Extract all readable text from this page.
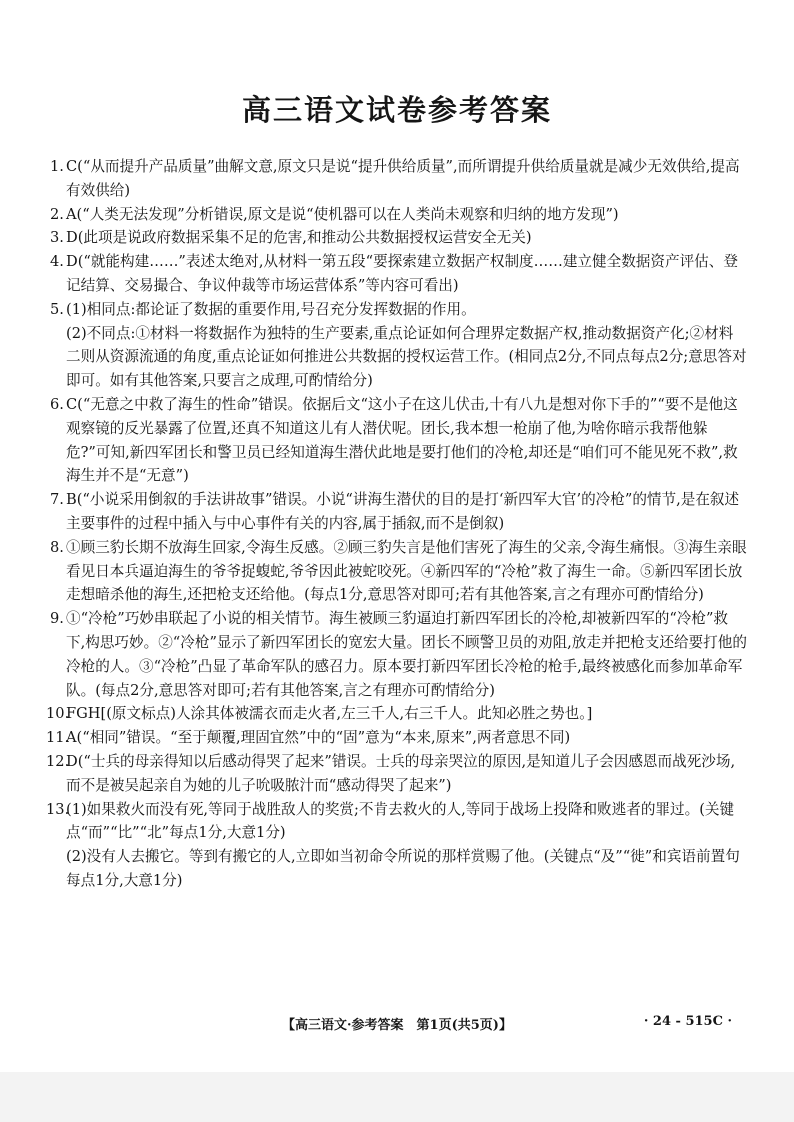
高三语文试卷参考答案
1. C(“从而提升产品质量”曲解文意,原文只是说“提升供给质量”,而所谓提升供给质量就是减少无效供给,提高有效供给)
2. A(“人类无法发现”分析错误,原文是说“使机器可以在人类尚未观察和归纳的地方发现”)
3. D(此项是说政府数据采集不足的危害,和推动公共数据授权运营安全无关)
4. D(“就能构建……”表述太绝对,从材料一第五段“要探索建立数据产权制度……建立健全数据资产评估、登记结算、交易撮合、争议仲裁等市场运营体系”等内容可看出)
5. (1)相同点:都论证了数据的重要作用,号召充分发挥数据的作用。
(2)不同点:①材料一将数据作为独特的生产要素,重点论证如何合理界定数据产权,推动数据资产化;②材料二则从资源流通的角度,重点论证如何推进公共数据的授权运营工作。(相同点2分,不同点每点2分;意思答对即可。如有其他答案,只要言之成理,可酌情给分)
6. C(“无意之中救了海生的性命”错误。依据后文“这小子在这儿伏击,十有八九是想对你下手的”“要不是他这观察镜的反光暴露了位置,还真不知道这儿有人潜伏呢。团长,我本想一枪崩了他,为啥你暗示我帮他躲危?”可知,新四军团长和警卫员已经知道海生潜伏此地是要打他们的冷枪,却还是“咱们可不能见死不救”,救海生并不是“无意”)
7. B(“小说采用倒叙的手法讲故事”错误。小说“讲海生潜伏的目的是打‘新四军大官’的冷枪”的情节,是在叙述主要事件的过程中插入与中心事件有关的内容,属于插叙,而不是倒叙)
8. ①顾三豹长期不放海生回家,令海生反感。②顾三豹失言是他们害死了海生的父亲,令海生痛恨。③海生亲眼看见日本兵逼迫海生的爷爷捉蝮蛇,爷爷因此被蛇咬死。④新四军的“冷枪”救了海生一命。⑤新四军团长放走想暗杀他的海生,还把枪支还给他。(每点1分,意思答对即可;若有其他答案,言之有理亦可酌情给分)
9. ①“冷枪”巧妙串联起了小说的相关情节。海生被顾三豹逼迫打新四军团长的冷枪,却被新四军的“冷枪”救下,构思巧妙。②“冷枪”显示了新四军团长的宽宏大量。团长不顾警卫员的劝阻,放走并把枪支还给要打他的冷枪的人。③“冷枪”凸显了革命军队的感召力。原本要打新四军团长冷枪的枪手,最终被感化而参加革命军队。(每点2分,意思答对即可;若有其他答案,言之有理亦可酌情给分)
10.
FGH[(原文标点)人涂其体被濡衣而走火者,左三千人,右三千人。此知必胜之势也。]
11.
A(“相同”错误。“至于颠覆,理固宜然”中的“固”意为“本来,原来”,两者意思不同)
12.
D(“士兵的母亲得知以后感动得哭了起来”错误。士兵的母亲哭泣的原因,是知道儿子会因感恩而战死沙场,而不是被吴起亲自为她的儿子吮吸脓汁而“感动得哭了起来”)
13.
(1)如果救火而没有死,等同于战胜敌人的奖赏;不肯去救火的人,等同于战场上投降和败逃者的罪过。(关键点“而”“比”“北”每点1分,大意1分)
(2)没有人去搬它。等到有搬它的人,立即如当初命令所说的那样赏赐了他。(关键点“及”“徙”和宾语前置句每点1分,大意1分)
【高三语文·参考答案　第1页(共5页)】	· 24 - 515C ·
